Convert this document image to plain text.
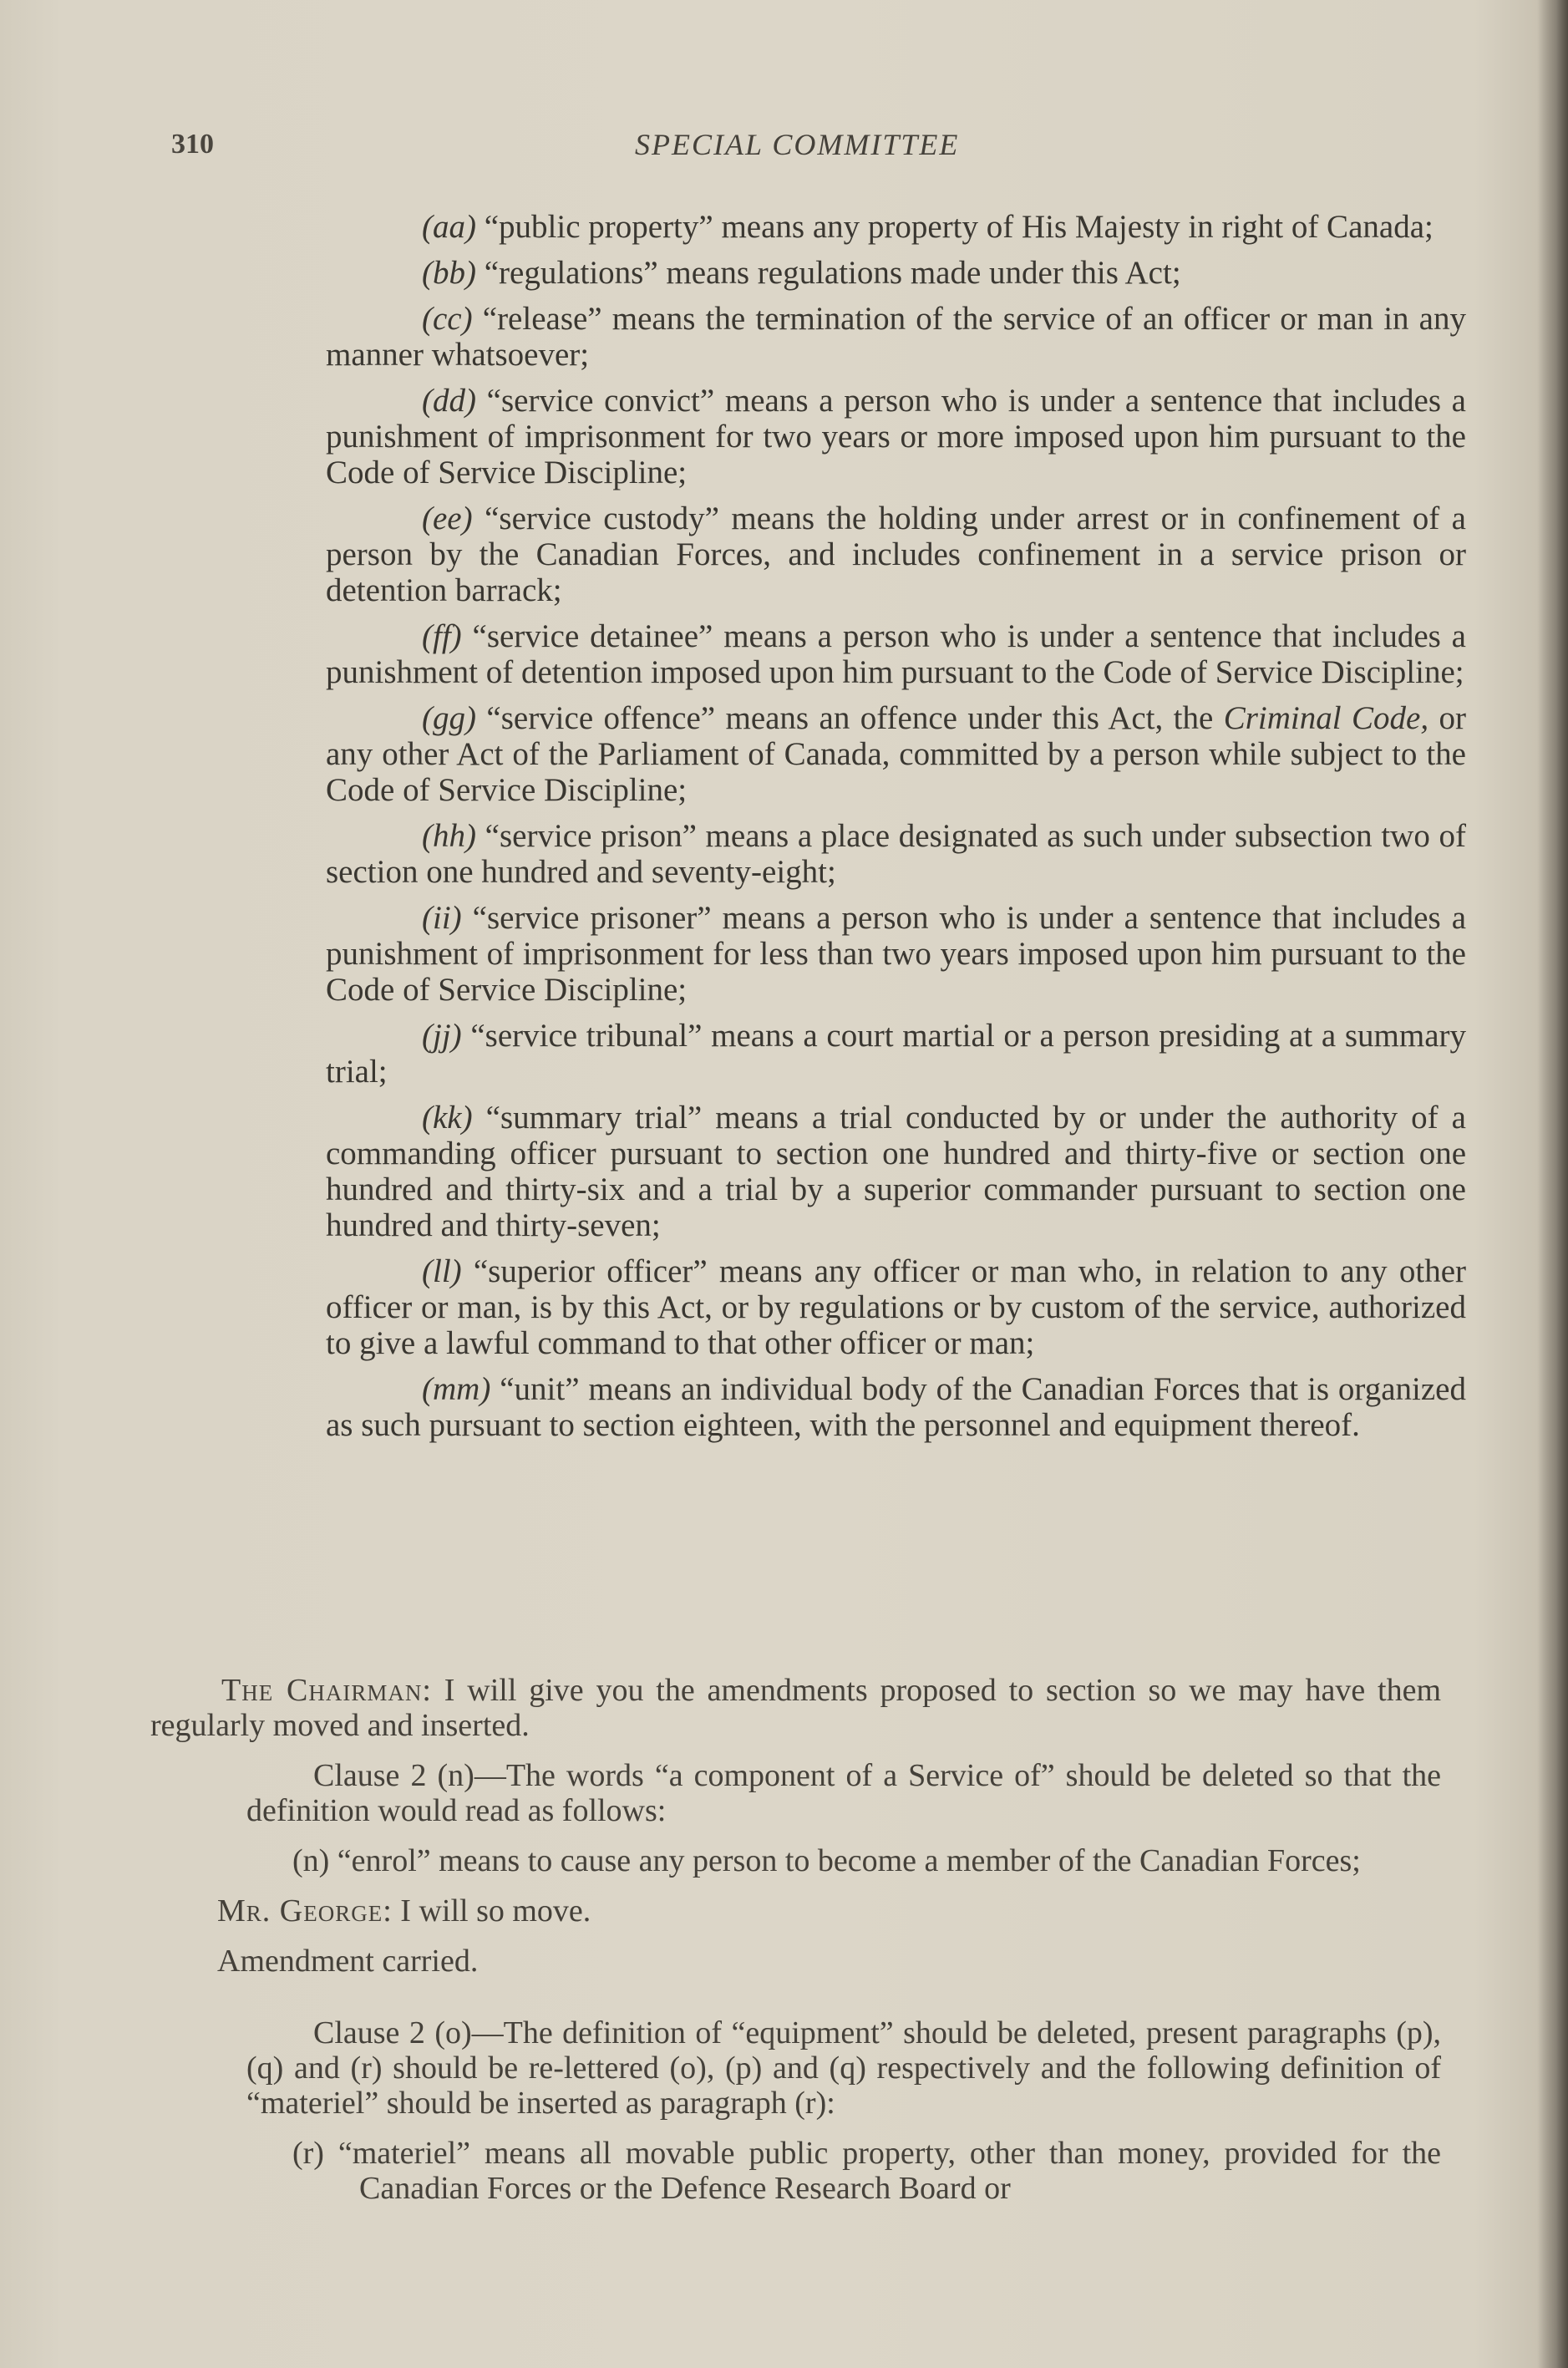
310	SPECIAL COMMITTEE

(aa) “public property” means any property of His Majesty in right of Canada;

(bb) “regulations” means regulations made under this Act;

(cc) “release” means the termination of the service of an officer or man in any manner whatsoever;

(dd) “service convict” means a person who is under a sentence that includes a punishment of imprisonment for two years or more imposed upon him pursuant to the Code of Service Discipline;

(ee) “service custody” means the holding under arrest or in confinement of a person by the Canadian Forces, and includes confinement in a service prison or detention barrack;

(ff) “service detainee” means a person who is under a sentence that includes a punishment of detention imposed upon him pursuant to the Code of Service Discipline;

(gg) “service offence” means an offence under this Act, the Criminal Code, or any other Act of the Parliament of Canada, committed by a person while subject to the Code of Service Discipline;

(hh) “service prison” means a place designated as such under subsection two of section one hundred and seventy-eight;

(ii) “service prisoner” means a person who is under a sentence that includes a punishment of imprisonment for less than two years imposed upon him pursuant to the Code of Service Discipline;

(jj) “service tribunal” means a court martial or a person presiding at a summary trial;

(kk) “summary trial” means a trial conducted by or under the authority of a commanding officer pursuant to section one hundred and thirty-five or section one hundred and thirty-six and a trial by a superior commander pursuant to section one hundred and thirty-seven;

(ll) “superior officer” means any officer or man who, in relation to any other officer or man, is by this Act, or by regulations or by custom of the service, authorized to give a lawful command to that other officer or man;

(mm) “unit” means an individual body of the Canadian Forces that is organized as such pursuant to section eighteen, with the personnel and equipment thereof.

The Chairman: I will give you the amendments proposed to section so we may have them regularly moved and inserted.

Clause 2 (n)—The words “a component of a Service of” should be deleted so that the definition would read as follows:

(n) “enrol” means to cause any person to become a member of the Canadian Forces;

Mr. George: I will so move.

Amendment carried.

Clause 2 (o)—The definition of “equipment” should be deleted, present paragraphs (p), (q) and (r) should be re-lettered (o), (p) and (q) respectively and the following definition of “materiel” should be inserted as paragraph (r):

(r) “materiel” means all movable public property, other than money, provided for the Canadian Forces or the Defence Research Board or
